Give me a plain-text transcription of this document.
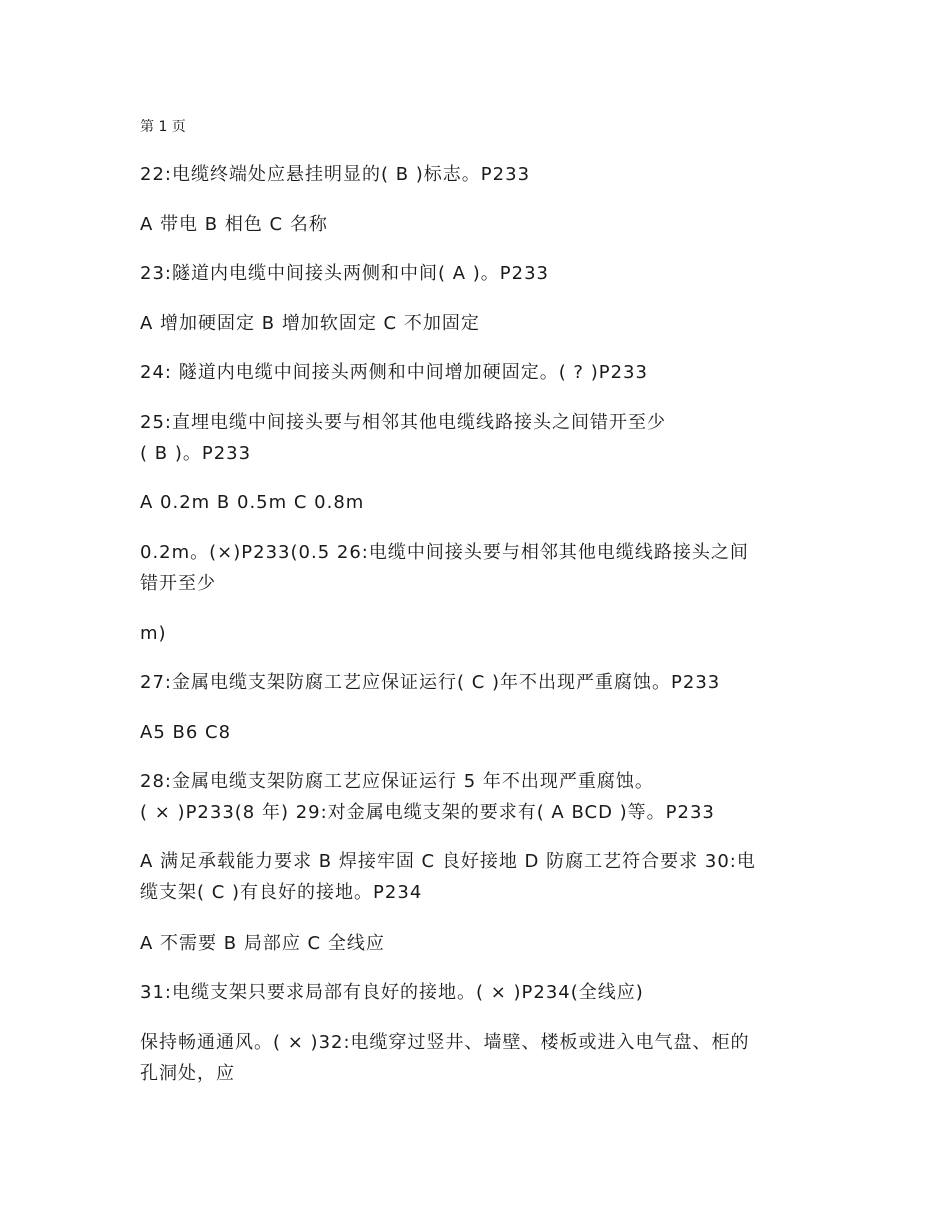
第 1 页
22:电缆终端处应悬挂明显的( B )标志。P233
A 带电 B 相色 C 名称
23:隧道内电缆中间接头两侧和中间( A )。P233
A 增加硬固定 B 增加软固定 C 不加固定
24: 隧道内电缆中间接头两侧和中间增加硬固定。( ? )P233
25:直埋电缆中间接头要与相邻其他电缆线路接头之间错开至少
( B )。P233
A 0.2m B 0.5m C 0.8m
0.2m。(×)P233(0.5 26:电缆中间接头要与相邻其他电缆线路接头之间
错开至少
m)
27:金属电缆支架防腐工艺应保证运行( C )年不出现严重腐蚀。P233
A5 B6 C8
28:金属电缆支架防腐工艺应保证运行 5 年不出现严重腐蚀。
( × )P233(8 年) 29:对金属电缆支架的要求有( A BCD )等。P233
A 满足承载能力要求 B 焊接牢固 C 良好接地 D 防腐工艺符合要求 30:电
缆支架( C )有良好的接地。P234
A 不需要 B 局部应 C 全线应
31:电缆支架只要求局部有良好的接地。( × )P234(全线应)
保持畅通通风。( × )32:电缆穿过竖井、墙壁、楼板或进入电气盘、柜的
孔洞处，应
